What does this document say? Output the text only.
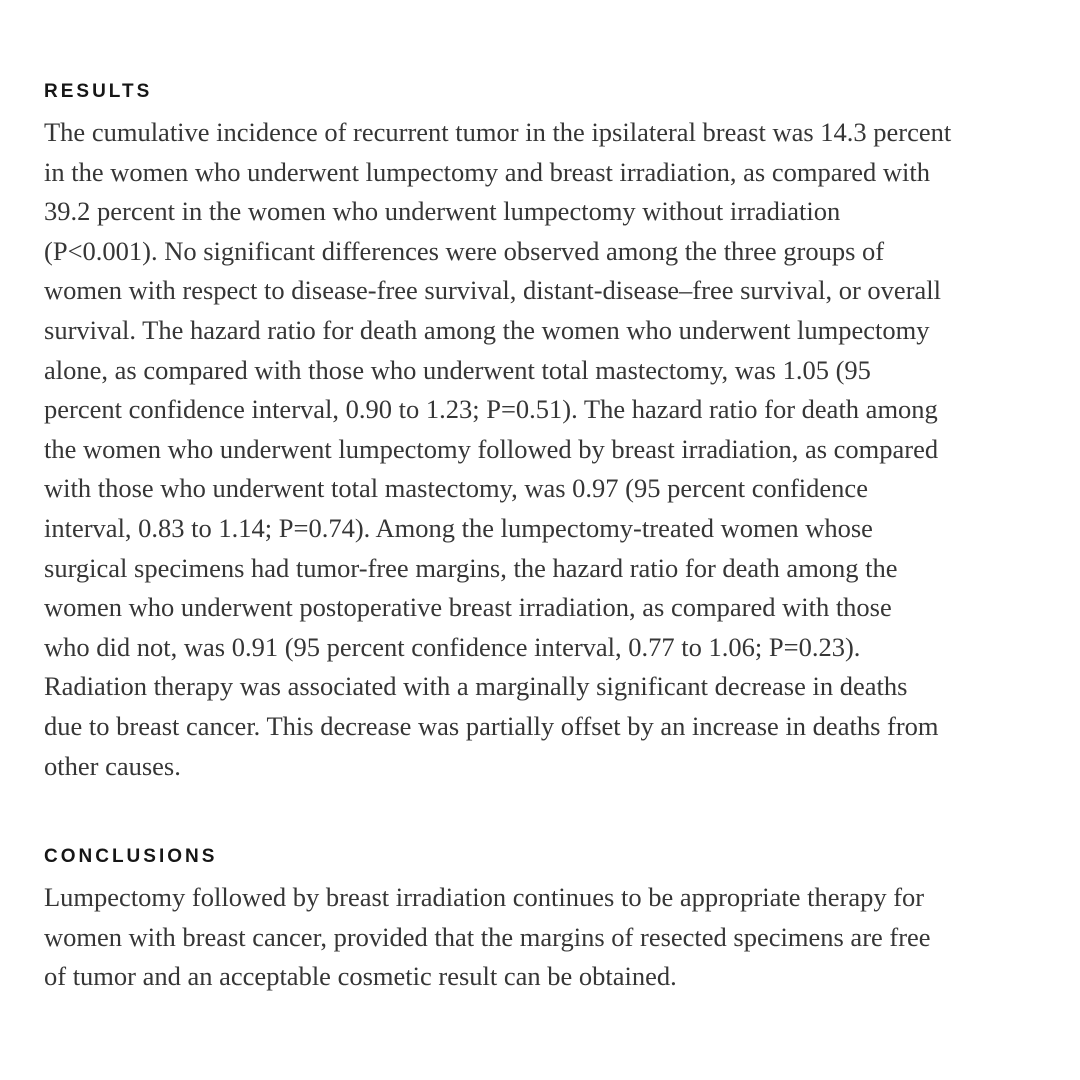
RESULTS
The cumulative incidence of recurrent tumor in the ipsilateral breast was 14.3 percent
in the women who underwent lumpectomy and breast irradiation, as compared with
39.2 percent in the women who underwent lumpectomy without irradiation
(P<0.001). No significant differences were observed among the three groups of
women with respect to disease-free survival, distant-disease–free survival, or overall
survival. The hazard ratio for death among the women who underwent lumpectomy
alone, as compared with those who underwent total mastectomy, was 1.05 (95
percent confidence interval, 0.90 to 1.23; P=0.51). The hazard ratio for death among
the women who underwent lumpectomy followed by breast irradiation, as compared
with those who underwent total mastectomy, was 0.97 (95 percent confidence
interval, 0.83 to 1.14; P=0.74). Among the lumpectomy-treated women whose
surgical specimens had tumor-free margins, the hazard ratio for death among the
women who underwent postoperative breast irradiation, as compared with those
who did not, was 0.91 (95 percent confidence interval, 0.77 to 1.06; P=0.23).
Radiation therapy was associated with a marginally significant decrease in deaths
due to breast cancer. This decrease was partially offset by an increase in deaths from
other causes.
CONCLUSIONS
Lumpectomy followed by breast irradiation continues to be appropriate therapy for
women with breast cancer, provided that the margins of resected specimens are free
of tumor and an acceptable cosmetic result can be obtained.
